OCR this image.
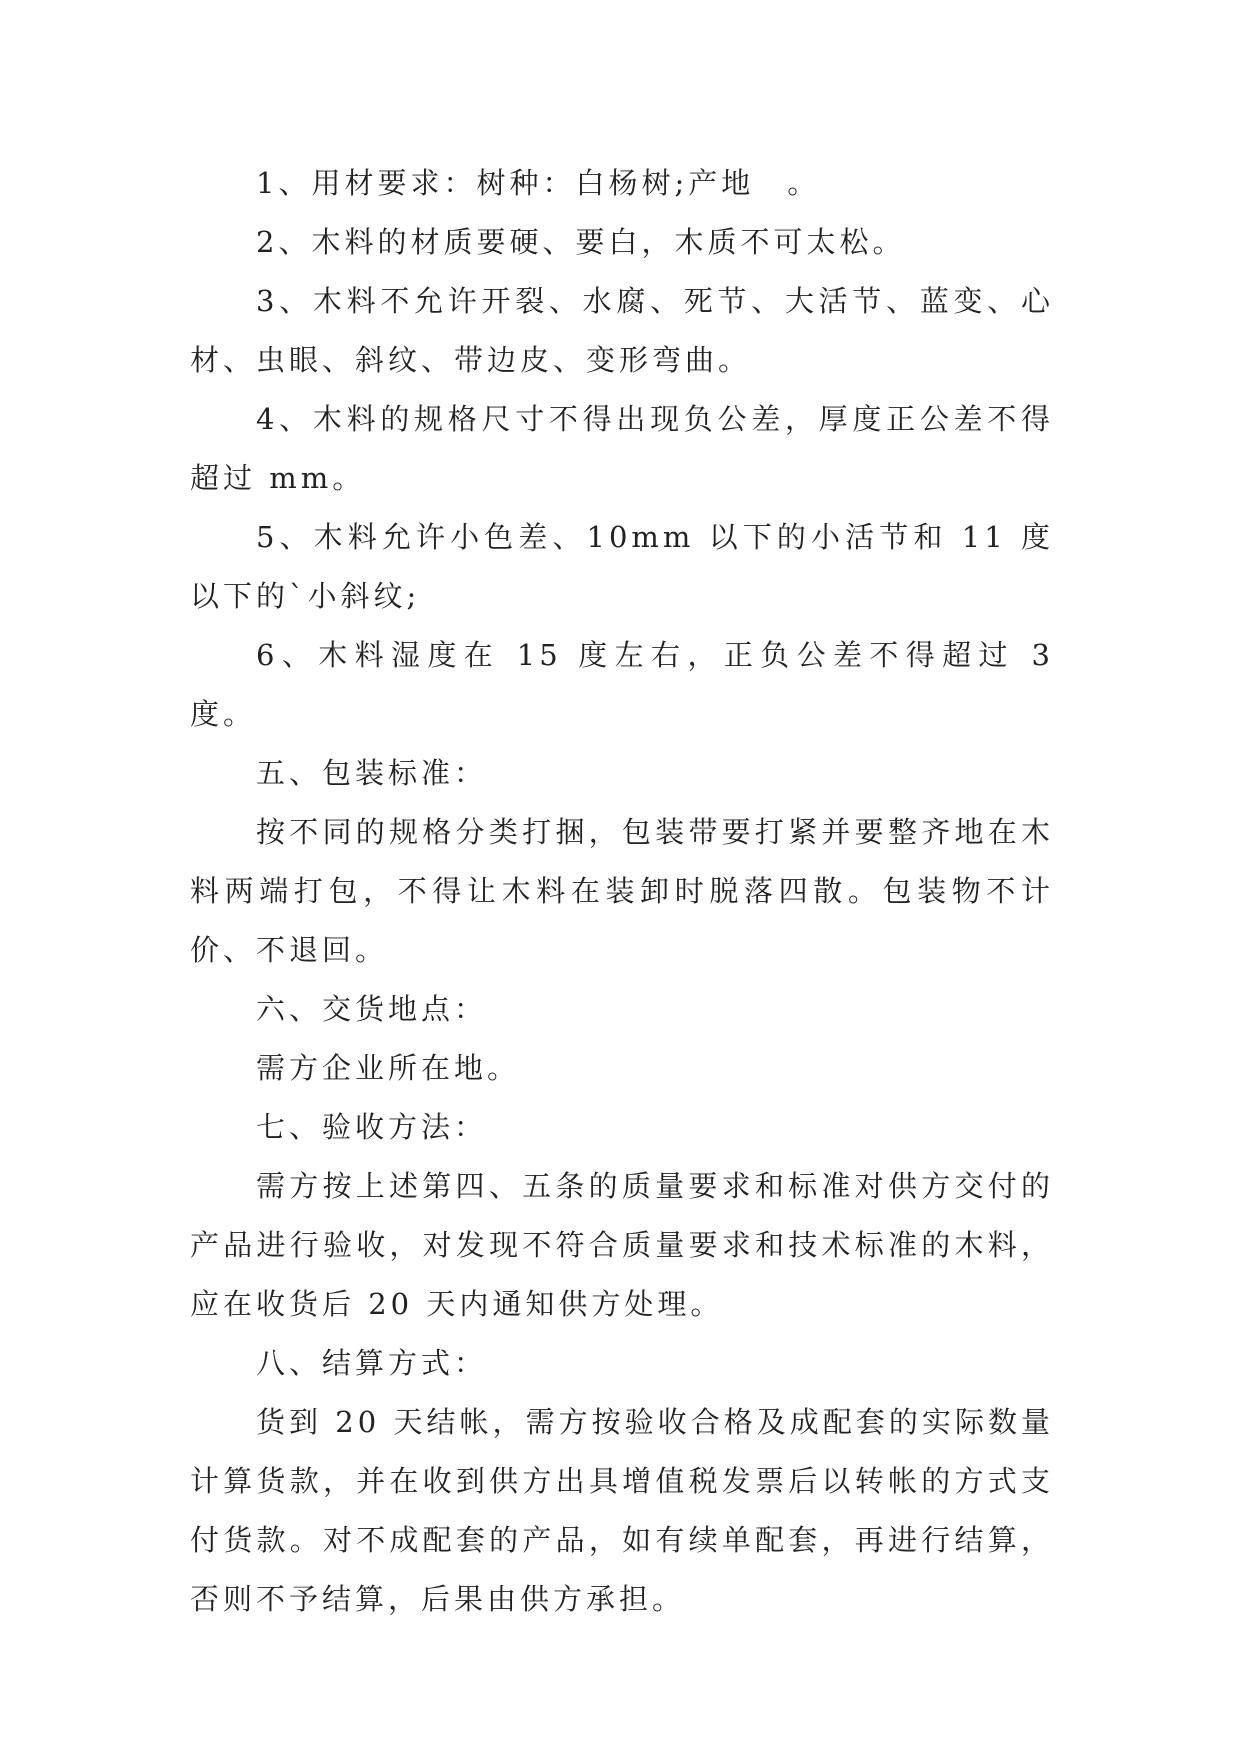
1、用材要求：树种：白杨树;产地　。

2、木料的材质要硬、要白，木质不可太松。

3、木料不允许开裂、水腐、死节、大活节、蓝变、心材、虫眼、斜纹、带边皮、变形弯曲。

4、木料的规格尺寸不得出现负公差，厚度正公差不得超过 mm。

5、木料允许小色差、10mm 以下的小活节和 11 度以下的`小斜纹;

6、木料湿度在 15 度左右，正负公差不得超过 3 度。

五、包装标准：

按不同的规格分类打捆，包装带要打紧并要整齐地在木料两端打包，不得让木料在装卸时脱落四散。包装物不计价、不退回。

六、交货地点：

需方企业所在地。

七、验收方法：

需方按上述第四、五条的质量要求和标准对供方交付的产品进行验收，对发现不符合质量要求和技术标准的木料，应在收货后 20 天内通知供方处理。

八、结算方式：

货到 20 天结帐，需方按验收合格及成配套的实际数量计算货款，并在收到供方出具增值税发票后以转帐的方式支付货款。对不成配套的产品，如有续单配套，再进行结算，否则不予结算，后果由供方承担。
